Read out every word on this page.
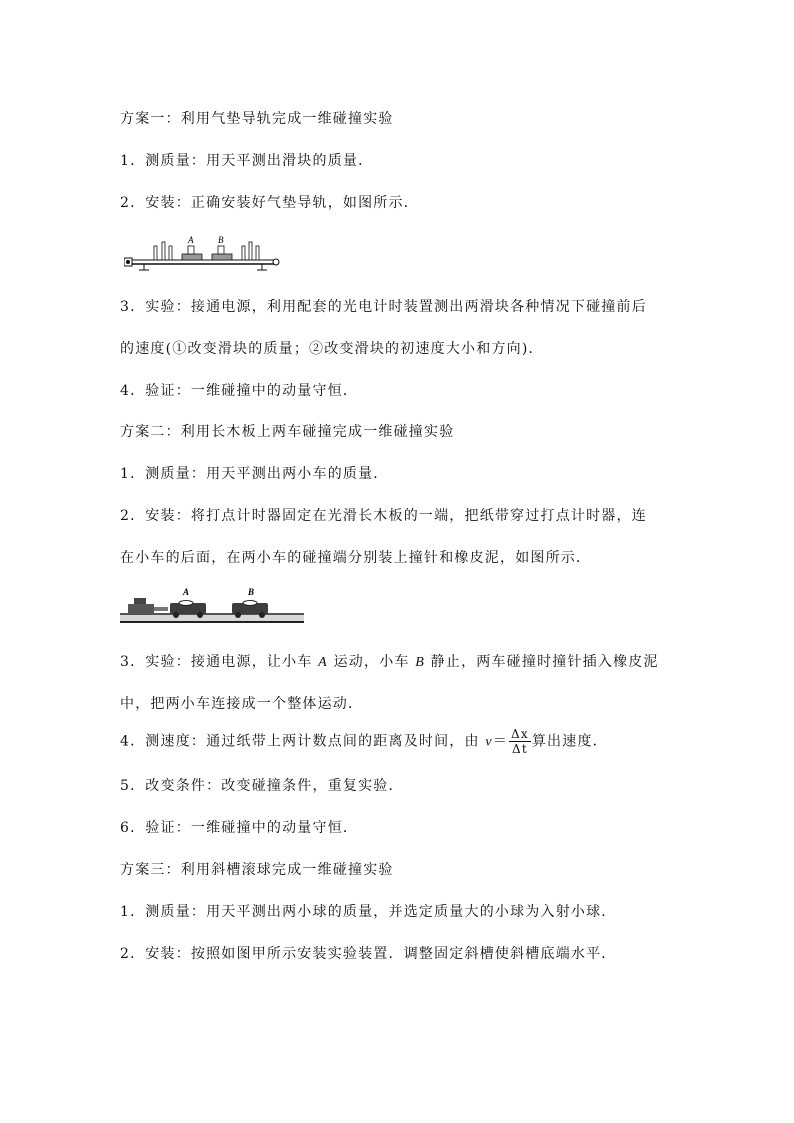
方案一：利用气垫导轨完成一维碰撞实验
1．测质量：用天平测出滑块的质量．
2．安装：正确安装好气垫导轨，如图所示．
A	B
3．实验：接通电源，利用配套的光电计时装置测出两滑块各种情况下碰撞前后
的速度(①改变滑块的质量；②改变滑块的初速度大小和方向)．
4．验证：一维碰撞中的动量守恒．
方案二：利用长木板上两车碰撞完成一维碰撞实验
1．测质量：用天平测出两小车的质量．
2．安装：将打点计时器固定在光滑长木板的一端，把纸带穿过打点计时器，连
在小车的后面，在两小车的碰撞端分别装上撞针和橡皮泥，如图所示．
A	B
3．实验：接通电源，让小车 A 运动，小车 B 静止，两车碰撞时撞针插入橡皮泥
中，把两小车连接成一个整体运动．
4．测速度：通过纸带上两计数点间的距离及时间，由 $v= \frac{\Delta x}{\Delta t}$ 算出速度．
5．改变条件：改变碰撞条件，重复实验．
6．验证：一维碰撞中的动量守恒．
方案三：利用斜槽滚球完成一维碰撞实验
1．测质量：用天平测出两小球的质量，并选定质量大的小球为入射小球．
2．安装：按照如图甲所示安装实验装置．调整固定斜槽使斜槽底端水平．
